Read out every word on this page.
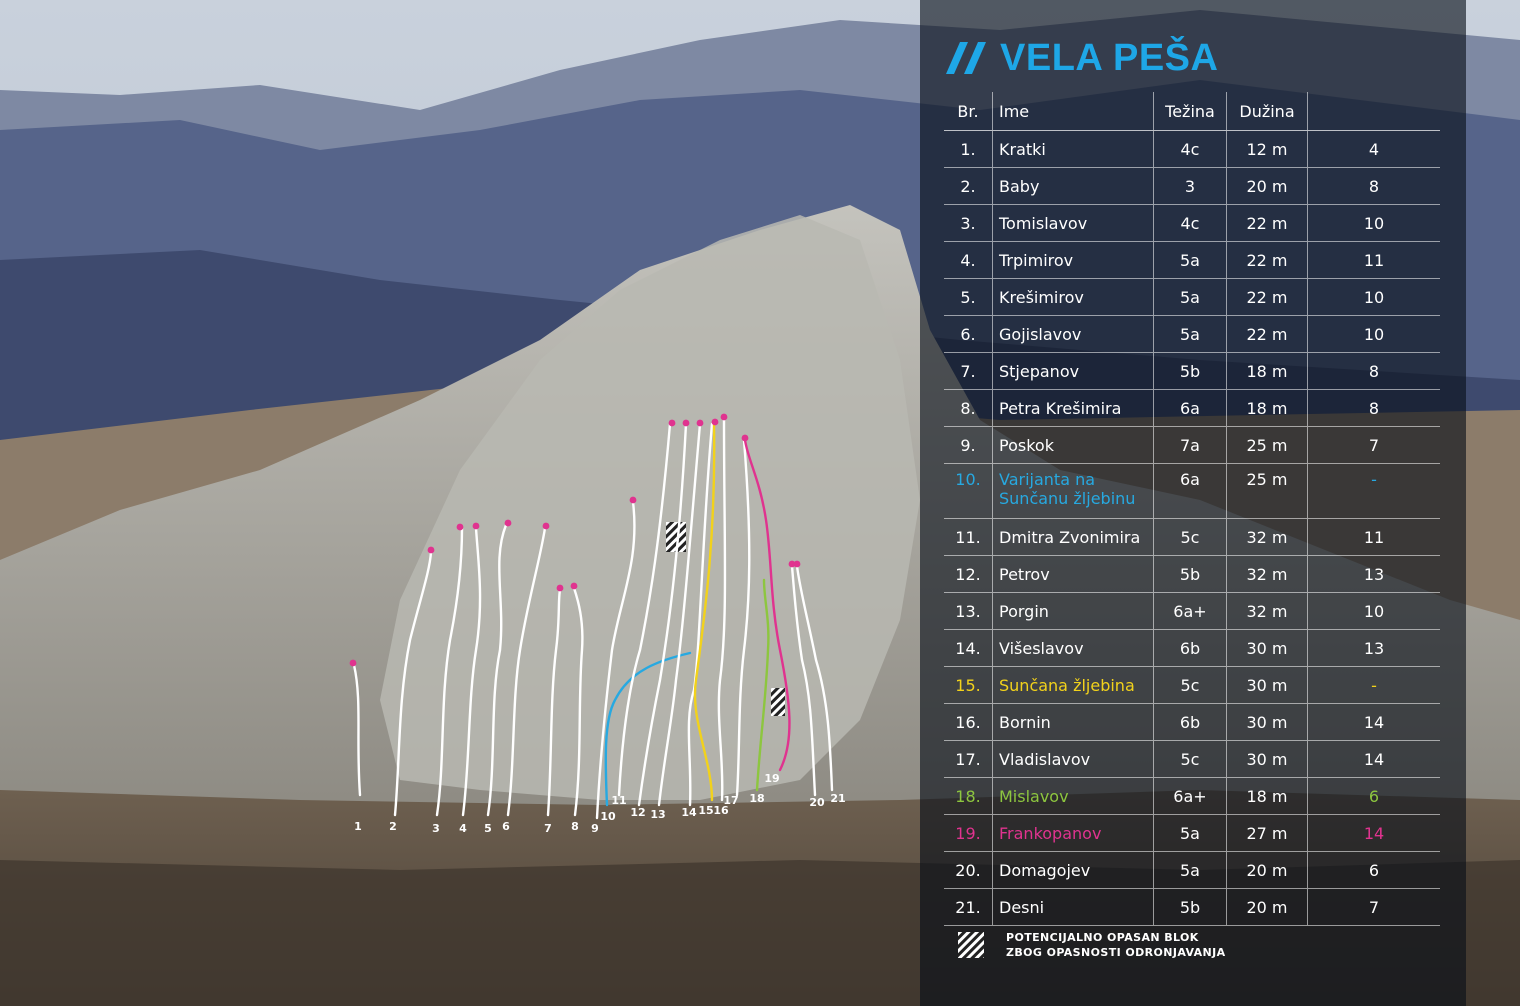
1 2	3 4 5 6	7 8 9
10
11
12 13 14 15 16
17 18
19
20 21
VELA PEŠA
Br.	Ime	Težina	Dužina	
1.	Kratki	4c	12 m	4
2.	Baby	3	20 m	8
3.	Tomislavov	4c	22 m	10
4.	Trpimirov	5a	22 m	11
5.	Krešimirov	5a	22 m	10
6.	Gojislavov	5a	22 m	10
7.	Stjepanov	5b	18 m	8
8.	Petra Krešimira	6a	18 m	8
9.	Poskok	7a	25 m	7
10.	Varijanta na Sunčanu žljebinu	6a	25 m	-
11.	Dmitra Zvonimira	5c	32 m	11
12.	Petrov	5b	32 m	13
13.	Porgin	6a+	32 m	10
14.	Višeslavov	6b	30 m	13
15.	Sunčana žljebina	5c	30 m	-
16.	Bornin	6b	30 m	14
17.	Vladislavov	5c	30 m	14
18.	Mislavov	6a+	18 m	6
19.	Frankopanov	5a	27 m	14
20.	Domagojev	5a	20 m	6
21.	Desni	5b	20 m	7
POTENCIJALNO OPASAN BLOK
ZBOG OPASNOSTI ODRONJAVANJA
